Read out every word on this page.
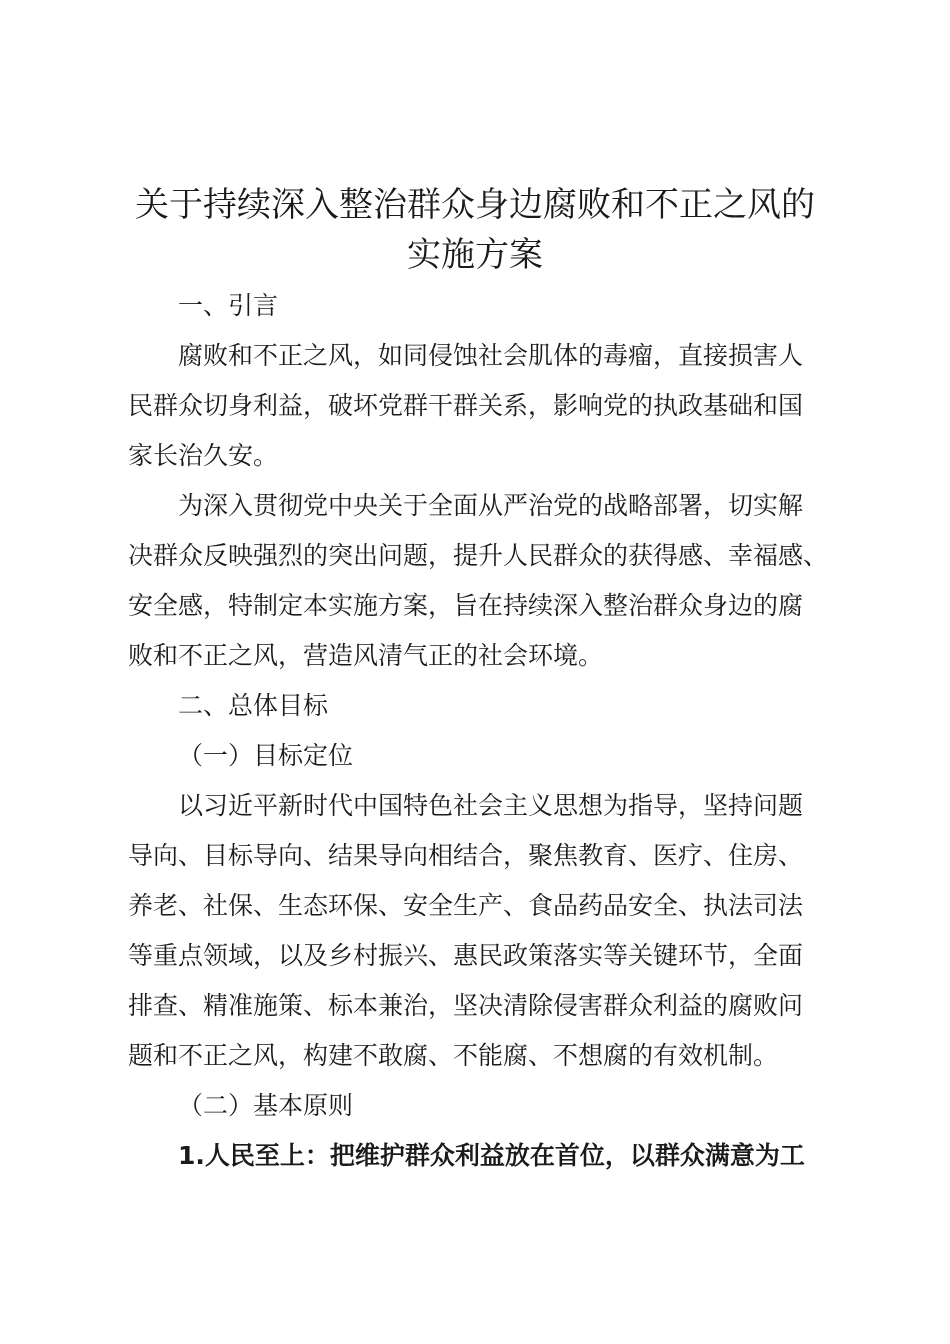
关于持续深入整治群众身边腐败和不正之风的
实施方案
一、引言
腐败和不正之风，如同侵蚀社会肌体的毒瘤，直接损害人
民群众切身利益，破坏党群干群关系，影响党的执政基础和国
家长治久安。
为深入贯彻党中央关于全面从严治党的战略部署，切实解
决群众反映强烈的突出问题，提升人民群众的获得感、幸福感、
安全感，特制定本实施方案，旨在持续深入整治群众身边的腐
败和不正之风，营造风清气正的社会环境。
二、总体目标
（一）目标定位
以习近平新时代中国特色社会主义思想为指导，坚持问题
导向、目标导向、结果导向相结合，聚焦教育、医疗、住房、
养老、社保、生态环保、安全生产、食品药品安全、执法司法
等重点领域，以及乡村振兴、惠民政策落实等关键环节，全面
排查、精准施策、标本兼治，坚决清除侵害群众利益的腐败问
题和不正之风，构建不敢腐、不能腐、不想腐的有效机制。
（二）基本原则
1.人民至上：把维护群众利益放在首位，以群众满意为工
